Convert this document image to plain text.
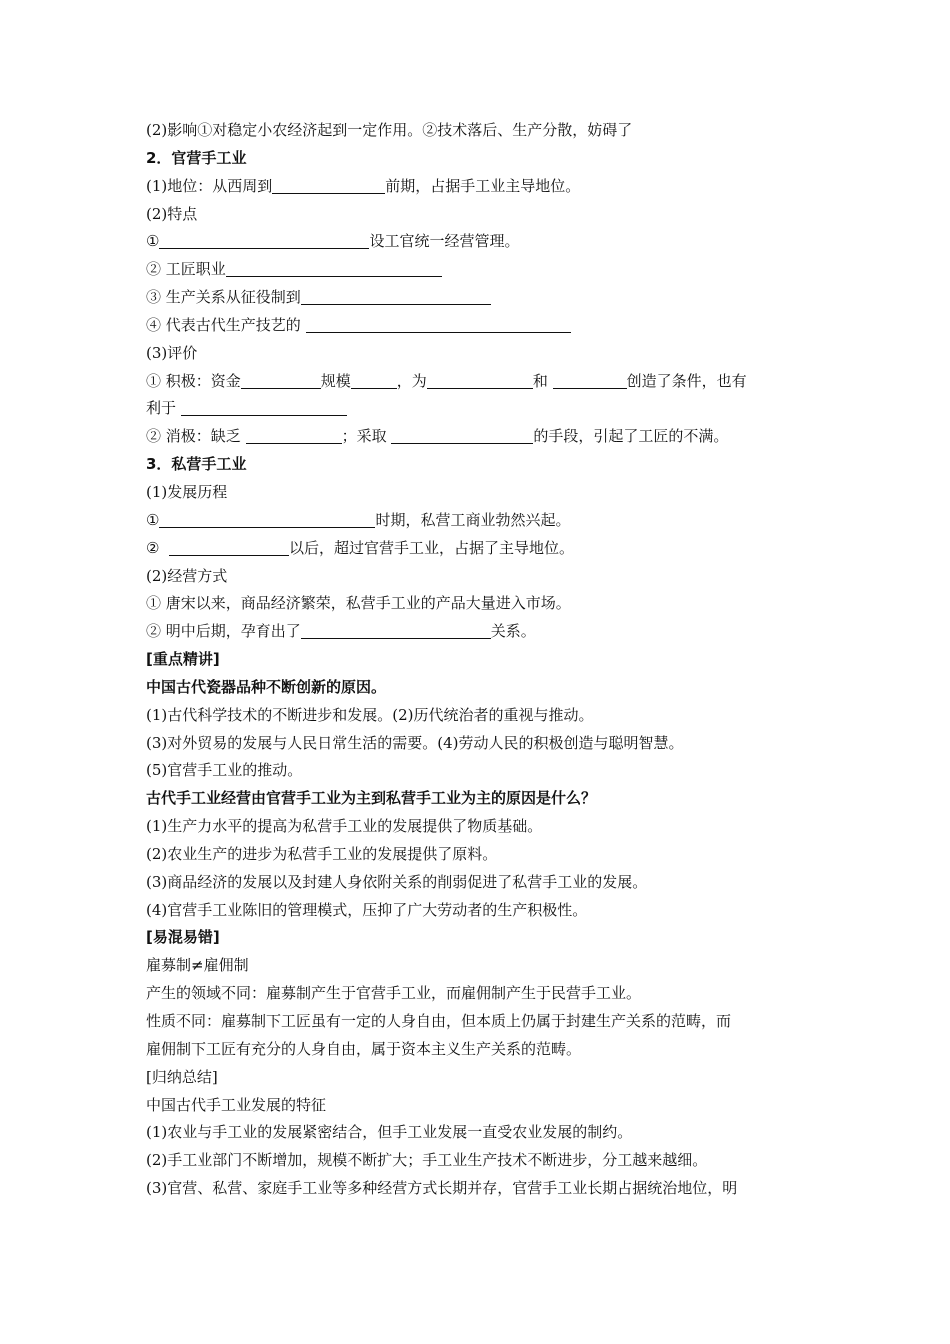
(2)影响①对稳定小农经济起到一定作用。②技术落后、生产分散，妨碍了
2．官营手工业
(1)地位：从西周到	前期，占据手工业主导地位。
(2)特点
①	设工官统一经营管理。
② 工匠职业
③ 生产关系从征役制到
④ 代表古代生产技艺的
(3)评价
① 积极：资金	规模	，为	和	创造了条件，也有
利于
② 消极：缺乏	；采取	的手段，引起了工匠的不满。
3．私营手工业
(1)发展历程
①	时期，私营工商业勃然兴起。
②	以后，超过官营手工业，占据了主导地位。
(2)经营方式
① 唐宋以来，商品经济繁荣，私营手工业的产品大量进入市场。
② 明中后期，孕育出了	关系。
[重点精讲]
中国古代瓷器品种不断创新的原因。
(1)古代科学技术的不断进步和发展。(2)历代统治者的重视与推动。
(3)对外贸易的发展与人民日常生活的需要。(4)劳动人民的积极创造与聪明智慧。
(5)官营手工业的推动。
古代手工业经营由官营手工业为主到私营手工业为主的原因是什么？
(1)生产力水平的提高为私营手工业的发展提供了物质基础。
(2)农业生产的进步为私营手工业的发展提供了原料。
(3)商品经济的发展以及封建人身依附关系的削弱促进了私营手工业的发展。
(4)官营手工业陈旧的管理模式，压抑了广大劳动者的生产积极性。
[易混易错]
雇募制≠雇佣制
产生的领域不同：雇募制产生于官营手工业，而雇佣制产生于民营手工业。
性质不同：雇募制下工匠虽有一定的人身自由，但本质上仍属于封建生产关系的范畴，而
雇佣制下工匠有充分的人身自由，属于资本主义生产关系的范畴。
[归纳总结]
中国古代手工业发展的特征
(1)农业与手工业的发展紧密结合，但手工业发展一直受农业发展的制约。
(2)手工业部门不断增加，规模不断扩大；手工业生产技术不断进步，分工越来越细。
(3)官营、私营、家庭手工业等多种经营方式长期并存，官营手工业长期占据统治地位，明
